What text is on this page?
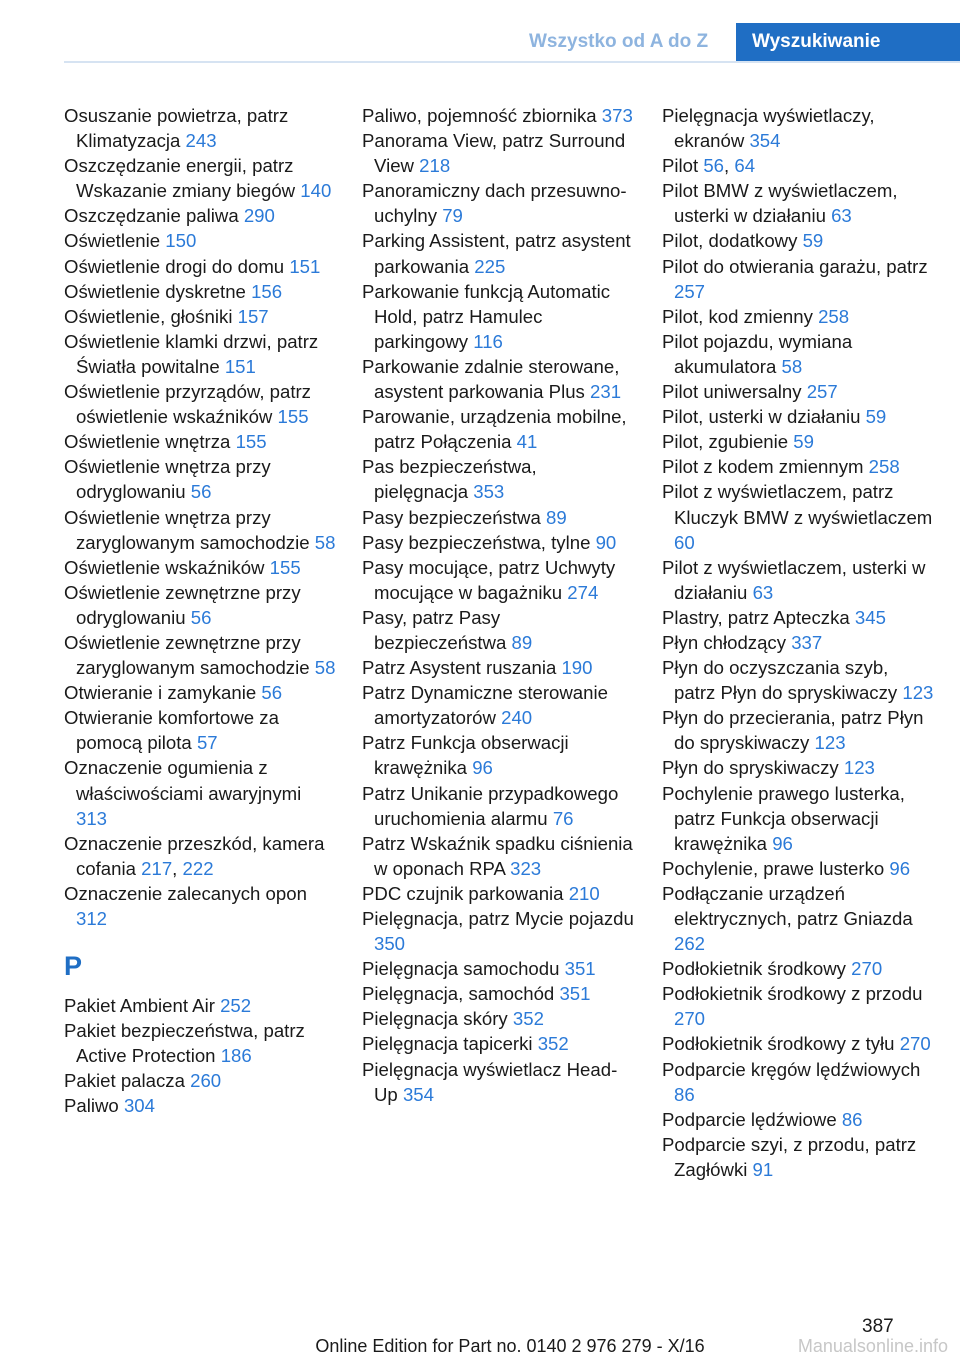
Wszystko od A do Z	Wyszukiwanie
Osuszanie powietrza, patrz Klimatyzacja 243
Oszczędzanie energii, patrz Wskazanie zmiany biegów 140
Oszczędzanie paliwa 290
Oświetlenie 150
Oświetlenie drogi do domu 151
Oświetlenie dyskretne 156
Oświetlenie, głośniki 157
Oświetlenie klamki drzwi, patrz Światła powitalne 151
Oświetlenie przyrządów, patrz oświetlenie wskaźników 155
Oświetlenie wnętrza 155
Oświetlenie wnętrza przy odryglowaniu 56
Oświetlenie wnętrza przy zaryglowanym samochodzie 58
Oświetlenie wskaźników 155
Oświetlenie zewnętrzne przy odryglowaniu 56
Oświetlenie zewnętrzne przy zaryglowanym samochodzie 58
Otwieranie i zamykanie 56
Otwieranie komfortowe za pomocą pilota 57
Oznaczenie ogumienia z właściwościami awaryjnymi 313
Oznaczenie przeszkód, kamera cofania 217, 222
Oznaczenie zalecanych opon 312
P
Pakiet Ambient Air 252
Pakiet bezpieczeństwa, patrz Active Protection 186
Pakiet palacza 260
Paliwo 304
Paliwo, pojemność zbiornika 373
Panorama View, patrz Surround View 218
Panoramiczny dach przesuwno-uchylny 79
Parking Assistent, patrz asystent parkowania 225
Parkowanie funkcją Automatic Hold, patrz Hamulec parkingowy 116
Parkowanie zdalnie sterowane, asystent parkowania Plus 231
Parowanie, urządzenia mobilne, patrz Połączenia 41
Pas bezpieczeństwa, pielęgnacja 353
Pasy bezpieczeństwa 89
Pasy bezpieczeństwa, tylne 90
Pasy mocujące, patrz Uchwyty mocujące w bagażniku 274
Pasy, patrz Pasy bezpieczeństwa 89
Patrz Asystent ruszania 190
Patrz Dynamiczne sterowanie amortyzatorów 240
Patrz Funkcja obserwacji krawężnika 96
Patrz Unikanie przypadkowego uruchomienia alarmu 76
Patrz Wskaźnik spadku ciśnienia w oponach RPA 323
PDC czujnik parkowania 210
Pielęgnacja, patrz Mycie pojazdu 350
Pielęgnacja samochodu 351
Pielęgnacja, samochód 351
Pielęgnacja skóry 352
Pielęgnacja tapicerki 352
Pielęgnacja wyświetlacz Head-Up 354
Pielęgnacja wyświetlaczy, ekranów 354
Pilot 56, 64
Pilot BMW z wyświetlaczem, usterki w działaniu 63
Pilot, dodatkowy 59
Pilot do otwierania garażu, patrz 257
Pilot, kod zmienny 258
Pilot pojazdu, wymiana akumulatora 58
Pilot uniwersalny 257
Pilot, usterki w działaniu 59
Pilot, zgubienie 59
Pilot z kodem zmiennym 258
Pilot z wyświetlaczem, patrz Kluczyk BMW z wyświetlaczem 60
Pilot z wyświetlaczem, usterki w działaniu 63
Plastry, patrz Apteczka 345
Płyn chłodzący 337
Płyn do oczyszczania szyb, patrz Płyn do spryskiwaczy 123
Płyn do przecierania, patrz Płyn do spryskiwaczy 123
Płyn do spryskiwaczy 123
Pochylenie prawego lusterka, patrz Funkcja obserwacji krawężnika 96
Pochylenie, prawe lusterko 96
Podłączanie urządzeń elektrycznych, patrz Gniazda 262
Podłokietnik środkowy 270
Podłokietnik środkowy z przodu 270
Podłokietnik środkowy z tyłu 270
Podparcie kręgów lędźwiowych 86
Podparcie lędźwiowe 86
Podparcie szyi, z przodu, patrz Zagłówki 91
387
Online Edition for Part no. 0140 2 976 279 - X/16	Manualsonline.info
